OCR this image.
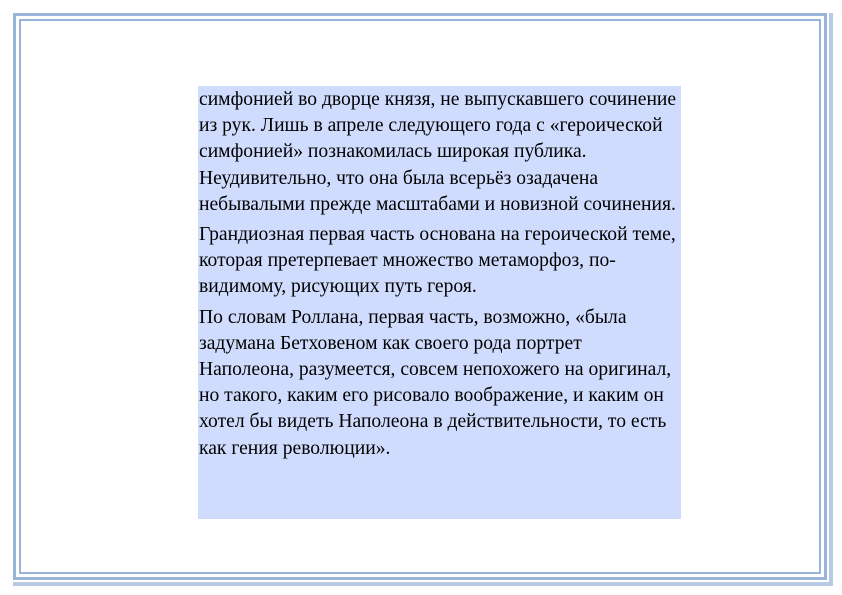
симфонией во дворце князя, не выпускавшего сочинение из рук. Лишь в апреле следующего года с «героической симфонией» познакомилась широкая публика. Неудивительно, что она была всерьёз озадачена небывалыми прежде масштабами и новизной сочинения.

Грандиозная первая часть основана на героической теме, которая претерпевает множество метаморфоз, по-видимому, рисующих путь героя.

По словам Роллана, первая часть, возможно, «была задумана Бетховеном как своего рода портрет Наполеона, разумеется, совсем непохожего на оригинал, но такого, каким его рисовало воображение, и каким он хотел бы видеть Наполеона в действительности, то есть как гения революции».
